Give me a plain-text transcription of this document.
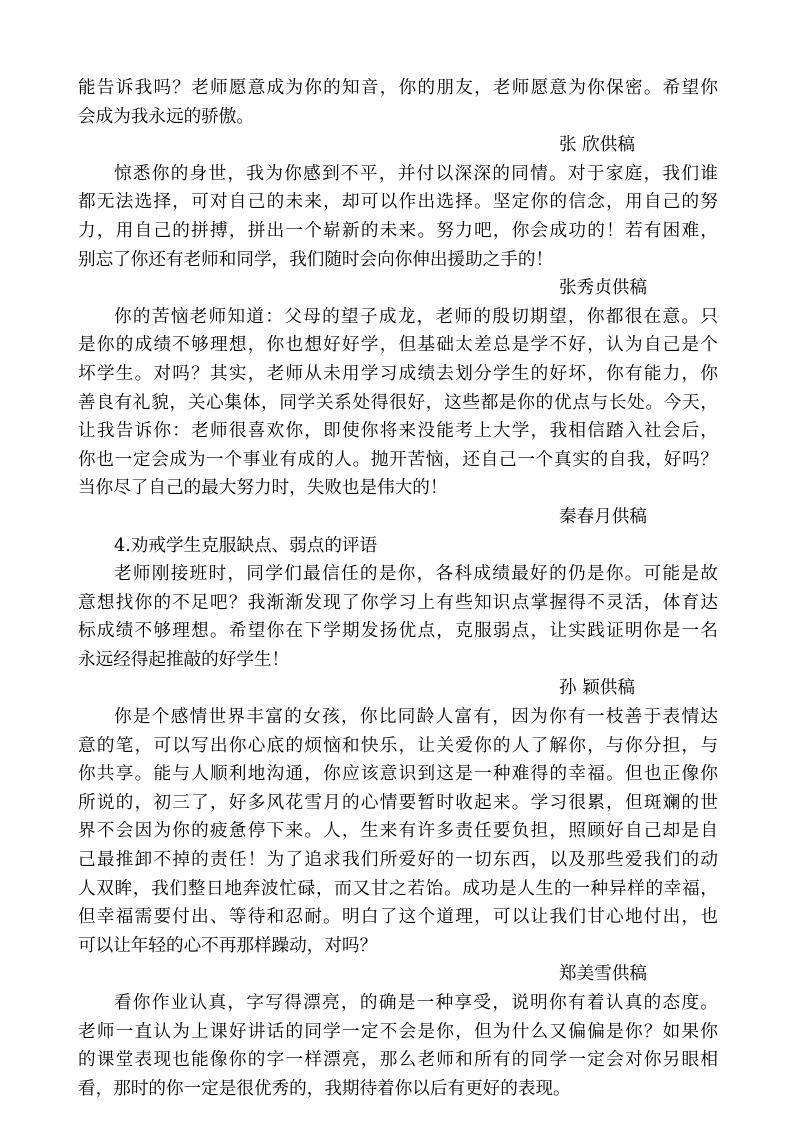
能告诉我吗？老师愿意成为你的知音，你的朋友，老师愿意为你保密。希望你
会成为我永远的骄傲。
张 欣供稿
惊悉你的身世，我为你感到不平，并付以深深的同情。对于家庭，我们谁
都无法选择，可对自己的未来，却可以作出选择。坚定你的信念，用自己的努
力，用自己的拼搏，拼出一个崭新的未来。努力吧，你会成功的！若有困难，
别忘了你还有老师和同学，我们随时会向你伸出援助之手的！
张秀贞供稿
你的苦恼老师知道：父母的望子成龙，老师的殷切期望，你都很在意。只
是你的成绩不够理想，你也想好好学，但基础太差总是学不好，认为自己是个
坏学生。对吗？其实，老师从未用学习成绩去划分学生的好坏，你有能力，你
善良有礼貌，关心集体，同学关系处得很好，这些都是你的优点与长处。今天，
让我告诉你：老师很喜欢你，即使你将来没能考上大学，我相信踏入社会后，
你也一定会成为一个事业有成的人。抛开苦恼，还自己一个真实的自我，好吗？
当你尽了自己的最大努力时，失败也是伟大的！
秦春月供稿
4.劝戒学生克服缺点、弱点的评语
老师刚接班时，同学们最信任的是你，各科成绩最好的仍是你。可能是故
意想找你的不足吧？我渐渐发现了你学习上有些知识点掌握得不灵活，体育达
标成绩不够理想。希望你在下学期发扬优点，克服弱点，让实践证明你是一名
永远经得起推敲的好学生！
孙 颖供稿
你是个感情世界丰富的女孩，你比同龄人富有，因为你有一枝善于表情达
意的笔，可以写出你心底的烦恼和快乐，让关爱你的人了解你，与你分担，与
你共享。能与人顺利地沟通，你应该意识到这是一种难得的幸福。但也正像你
所说的，初三了，好多风花雪月的心情要暂时收起来。学习很累，但斑斓的世
界不会因为你的疲惫停下来。人，生来有许多责任要负担，照顾好自己却是自
己最推卸不掉的责任！为了追求我们所爱好的一切东西，以及那些爱我们的动
人双眸，我们整日地奔波忙碌，而又甘之若饴。成功是人生的一种异样的幸福，
但幸福需要付出、等待和忍耐。明白了这个道理，可以让我们甘心地付出，也
可以让年轻的心不再那样躁动，对吗？
郑美雪供稿
看你作业认真，字写得漂亮，的确是一种享受，说明你有着认真的态度。
老师一直认为上课好讲话的同学一定不会是你，但为什么又偏偏是你？如果你
的课堂表现也能像你的字一样漂亮，那么老师和所有的同学一定会对你另眼相
看，那时的你一定是很优秀的，我期待着你以后有更好的表现。
